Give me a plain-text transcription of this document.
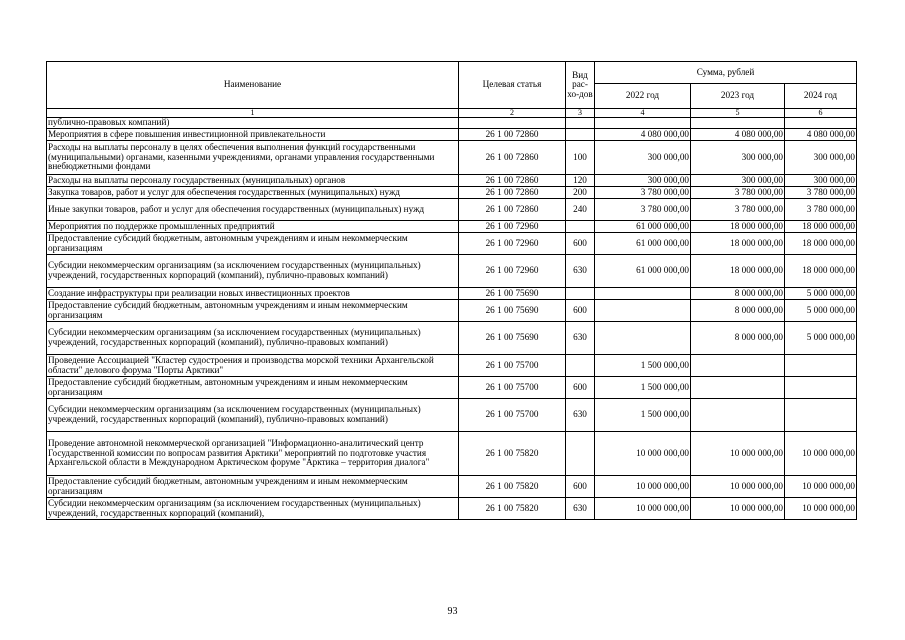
Наименование	Целевая статья	Вид рас-хо-дов	Сумма, рублей		
			2022 год	2023 год	2024 год
1	2	3	4	5	6
публично-правовых компаний)					
Мероприятия в сфере повышения инвестиционной привлекательности	26 1 00 72860		4 080 000,00	4 080 000,00	4 080 000,00
Расходы на выплаты персоналу в целях обеспечения выполнения функций государственными (муниципальными) органами, казенными учреждениями, органами управления государственными внебюджетными фондами	26 1 00 72860	100	300 000,00	300 000,00	300 000,00
Расходы на выплаты персоналу государственных (муниципальных) органов	26 1 00 72860	120	300 000,00	300 000,00	300 000,00
Закупка товаров, работ и услуг для обеспечения государственных (муниципальных) нужд	26 1 00 72860	200	3 780 000,00	3 780 000,00	3 780 000,00
Иные закупки товаров, работ и услуг для обеспечения государственных (муниципальных) нужд	26 1 00 72860	240	3 780 000,00	3 780 000,00	3 780 000,00
Мероприятия по поддержке промышленных предприятий	26 1 00 72960		61 000 000,00	18 000 000,00	18 000 000,00
Предоставление субсидий бюджетным, автономным учреждениям и иным некоммерческим организациям	26 1 00 72960	600	61 000 000,00	18 000 000,00	18 000 000,00
Субсидии некоммерческим организациям (за исключением государственных (муниципальных) учреждений, государственных корпораций (компаний), публично-правовых компаний)	26 1 00 72960	630	61 000 000,00	18 000 000,00	18 000 000,00
Создание инфраструктуры при реализации новых инвестиционных проектов	26 1 00 75690			8 000 000,00	5 000 000,00
Предоставление субсидий бюджетным, автономным учреждениям и иным некоммерческим организациям	26 1 00 75690	600		8 000 000,00	5 000 000,00
Субсидии некоммерческим организациям (за исключением государственных (муниципальных) учреждений, государственных корпораций (компаний), публично-правовых компаний)	26 1 00 75690	630		8 000 000,00	5 000 000,00
Проведение Ассоциацией "Кластер судостроения и производства морской техники Архангельской области" делового форума "Порты Арктики"	26 1 00 75700		1 500 000,00		
Предоставление субсидий бюджетным, автономным учреждениям и иным некоммерческим организациям	26 1 00 75700	600	1 500 000,00		
Субсидии некоммерческим организациям (за исключением государственных (муниципальных) учреждений, государственных корпораций (компаний), публично-правовых компаний)	26 1 00 75700	630	1 500 000,00		
Проведение автономной некоммерческой организацией "Информационно-аналитический центр Государственной комиссии по вопросам развития Арктики" мероприятий по подготовке участия Архангельской области в Международном Арктическом форуме "Арктика – территория диалога"	26 1 00 75820		10 000 000,00	10 000 000,00	10 000 000,00
Предоставление субсидий бюджетным, автономным учреждениям и иным некоммерческим организациям	26 1 00 75820	600	10 000 000,00	10 000 000,00	10 000 000,00
Субсидии некоммерческим организациям (за исключением государственных (муниципальных) учреждений, государственных корпораций (компаний),	26 1 00 75820	630	10 000 000,00	10 000 000,00	10 000 000,00
93
